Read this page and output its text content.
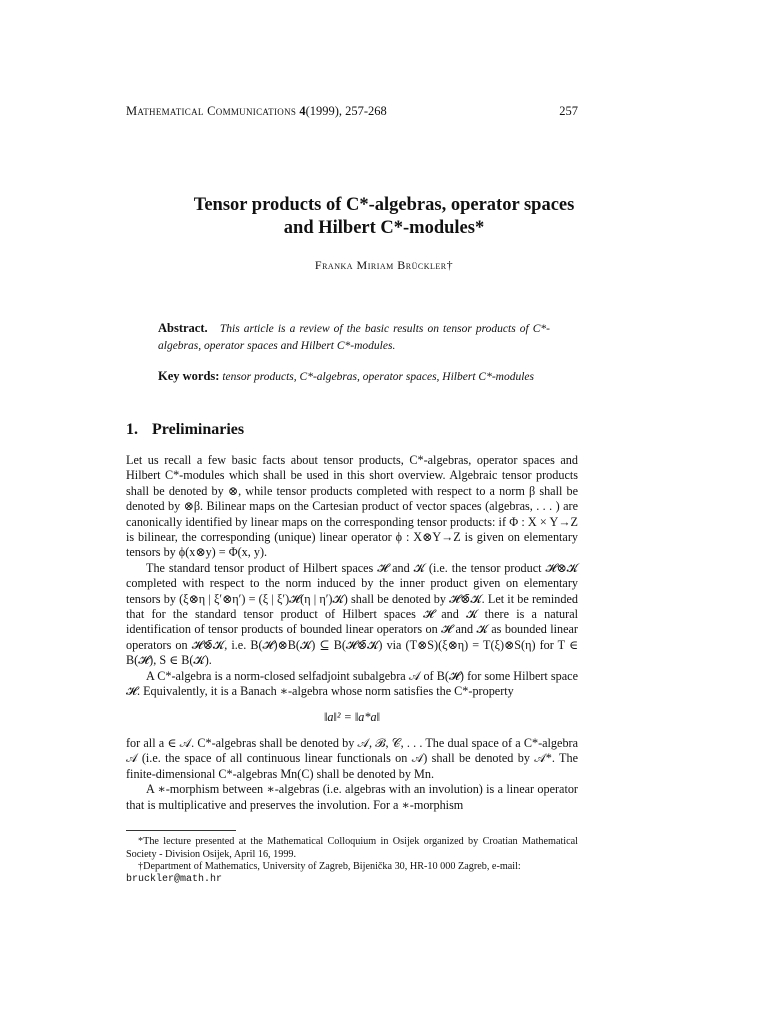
Mathematical Communications 4(1999), 257-268	257
Tensor products of C*-algebras, operator spaces
and Hilbert C*-modules*
Franka Miriam Brückler†
Abstract. This article is a review of the basic results on tensor products of C*-algebras, operator spaces and Hilbert C*-modules.
Key words: tensor products, C*-algebras, operator spaces, Hilbert C*-modules
1. Preliminaries

Let us recall a few basic facts about tensor products, C*-algebras, operator spaces and Hilbert C*-modules which shall be used in this short overview. Algebraic tensor products shall be denoted by ⊗, while tensor products completed with respect to a norm β shall be denoted by ⊗β. Bilinear maps on the Cartesian product of vector spaces (algebras, . . . ) are canonically identified by linear maps on the corresponding tensor products: if Φ : X × Y→Z is bilinear, the corresponding (unique) linear operator ϕ : X⊗Y→Z is given on elementary tensors by ϕ(x⊗y) = Φ(x, y).

The standard tensor product of Hilbert spaces 𝓗 and 𝓚 (i.e. the tensor product 𝓗⊗𝓚 completed with respect to the norm induced by the inner product given on elementary tensors by (ξ⊗η | ξ′⊗η′) = (ξ | ξ′)𝓗(η | η′)𝓚) shall be denoted by 𝓗⊗̄𝓚. Let it be reminded that for the standard tensor product of Hilbert spaces 𝓗 and 𝓚 there is a natural identification of tensor products of bounded linear operators on 𝓗 and 𝓚 as bounded linear operators on 𝓗⊗̄𝓚, i.e. B(𝓗)⊗B(𝓚) ⊆ B(𝓗⊗̄𝓚) via (T⊗S)(ξ⊗η) = T(ξ)⊗S(η) for T ∈ B(𝓗), S ∈ B(𝓚).

A C*-algebra is a norm-closed selfadjoint subalgebra 𝒜 of B(𝓗) for some Hilbert space 𝓗. Equivalently, it is a Banach ∗-algebra whose norm satisfies the C*-property

‖a‖² = ‖a*a‖

for all a ∈ 𝒜. C*-algebras shall be denoted by 𝒜, ℬ, 𝒞, . . . The dual space of a C*-algebra 𝒜 (i.e. the space of all continuous linear functionals on 𝒜) shall be denoted by 𝒜*. The finite-dimensional C*-algebras Mn(C) shall be denoted by Mn.

A ∗-morphism between ∗-algebras (i.e. algebras with an involution) is a linear operator that is multiplicative and preserves the involution. For a ∗-morphism

*The lecture presented at the Mathematical Colloquium in Osijek organized by Croatian Mathematical Society - Division Osijek, April 16, 1999.

†Department of Mathematics, University of Zagreb, Bijenička 30, HR-10 000 Zagreb, e-mail:

bruckler@math.hr
